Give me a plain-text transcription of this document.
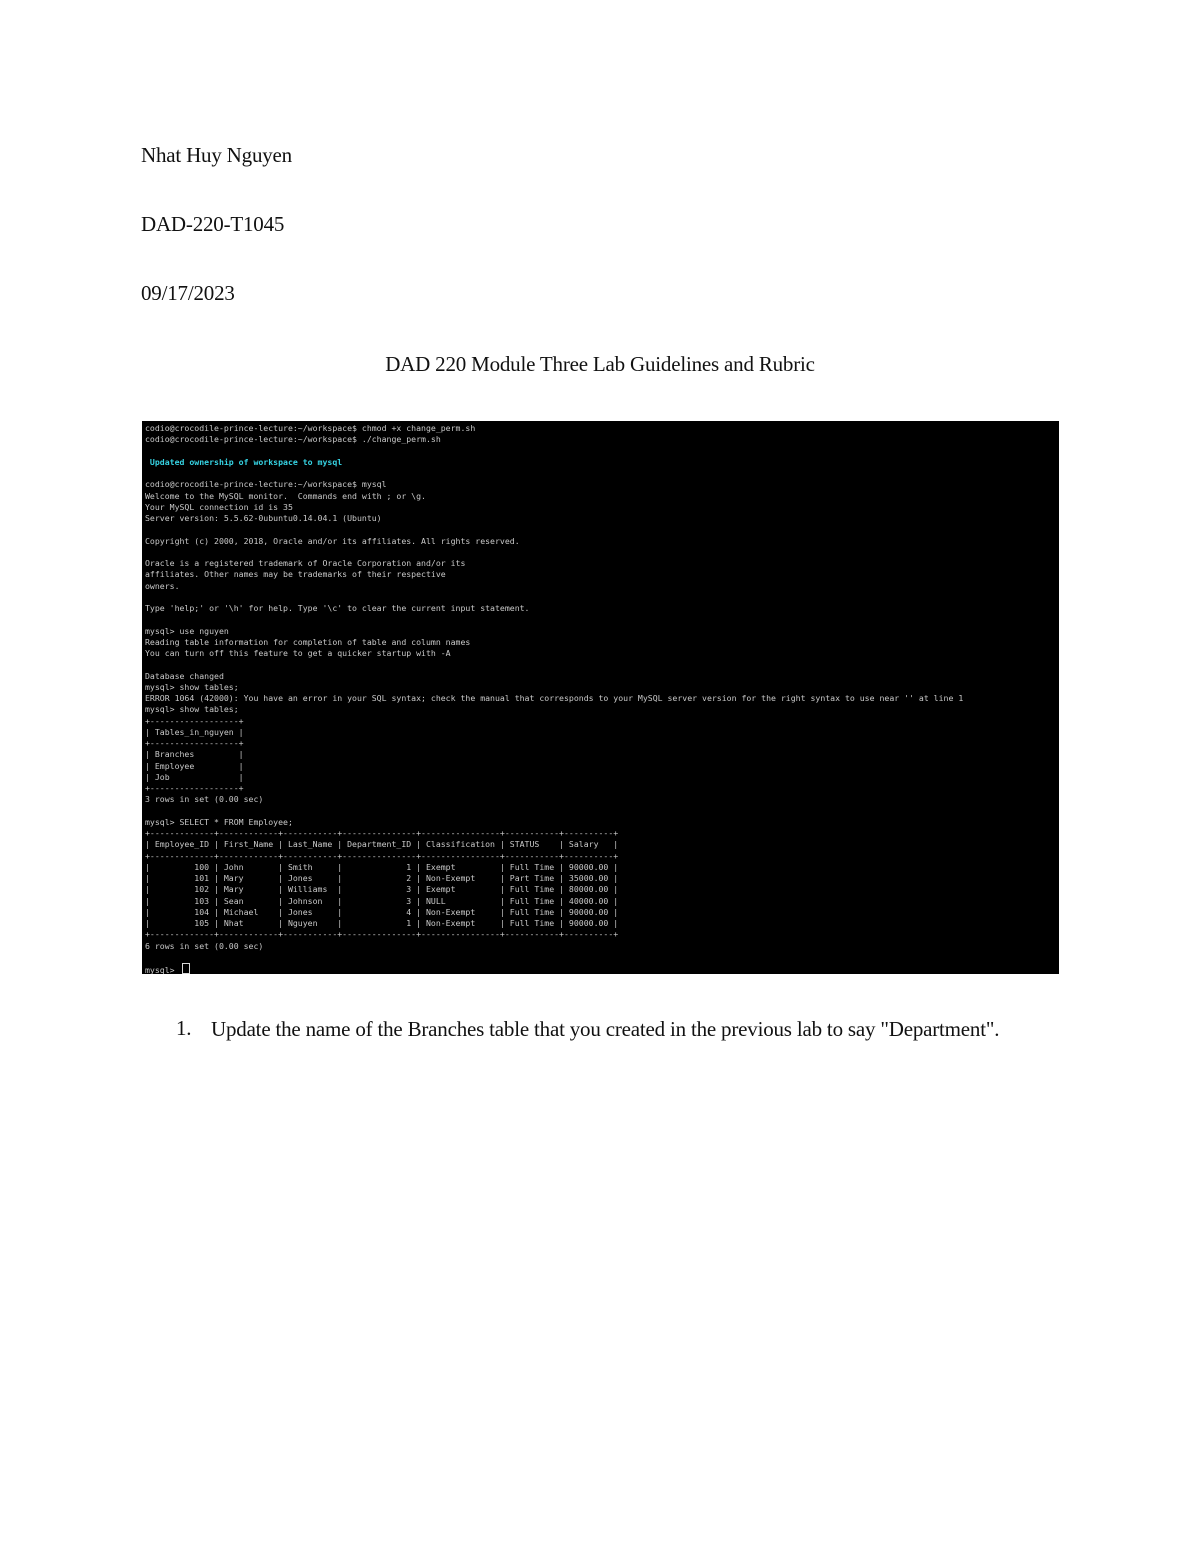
Nhat Huy Nguyen
DAD-220-T1045
09/17/2023
DAD 220 Module Three Lab Guidelines and Rubric
codio@crocodile-prince-lecture:~/workspace$ chmod +x change_perm.sh
codio@crocodile-prince-lecture:~/workspace$ ./change_perm.sh
Updated ownership of workspace to mysql
codio@crocodile-prince-lecture:~/workspace$ mysql
Welcome to the MySQL monitor.  Commands end with ; or \g.
Your MySQL connection id is 35
Server version: 5.5.62-0ubuntu0.14.04.1 (Ubuntu)
Copyright (c) 2000, 2018, Oracle and/or its affiliates. All rights reserved.
Oracle is a registered trademark of Oracle Corporation and/or its
affiliates. Other names may be trademarks of their respective
owners.
Type 'help;' or '\h' for help. Type '\c' to clear the current input statement.
mysql> use nguyen
Reading table information for completion of table and column names
You can turn off this feature to get a quicker startup with -A
Database changed
mysql> show tables;
ERROR 1064 (42000): You have an error in your SQL syntax; check the manual that corresponds to your MySQL server version for the right syntax to use near '' at line 1
mysql> show tables;
+------------------+
| Tables_in_nguyen |
+------------------+
| Branches         |
| Employee         |
| Job              |
+------------------+
3 rows in set (0.00 sec)
mysql> SELECT * FROM Employee;
+-------------+------------+-----------+---------------+----------------+-----------+----------+
| Employee_ID | First_Name | Last_Name | Department_ID | Classification | STATUS    | Salary   |
+-------------+------------+-----------+---------------+----------------+-----------+----------+
|         100 | John       | Smith     |             1 | Exempt         | Full Time | 90000.00 |
|         101 | Mary       | Jones     |             2 | Non-Exempt     | Part Time | 35000.00 |
|         102 | Mary       | Williams  |             3 | Exempt         | Full Time | 80000.00 |
|         103 | Sean       | Johnson   |             3 | NULL           | Full Time | 40000.00 |
|         104 | Michael    | Jones     |             4 | Non-Exempt     | Full Time | 90000.00 |
|         105 | Nhat       | Nguyen    |             1 | Non-Exempt     | Full Time | 90000.00 |
+-------------+------------+-----------+---------------+----------------+-----------+----------+
6 rows in set (0.00 sec)
mysql>
1. Update the name of the Branches table that you created in the previous lab to say "Department".
